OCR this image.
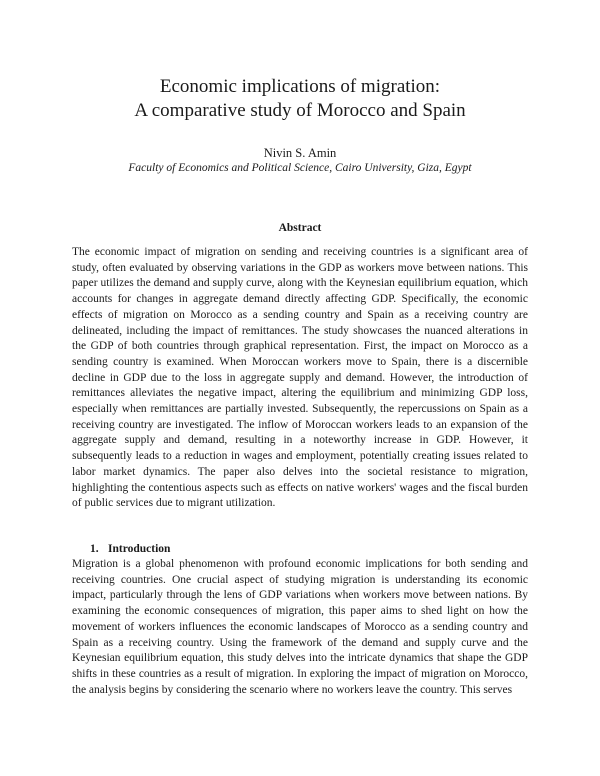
Economic implications of migration:
A comparative study of Morocco and Spain
Nivin S. Amin
Faculty of Economics and Political Science, Cairo University, Giza, Egypt
Abstract

The economic impact of migration on sending and receiving countries is a significant area of study, often evaluated by observing variations in the GDP as workers move between nations. This paper utilizes the demand and supply curve, along with the Keynesian equilibrium equation, which accounts for changes in aggregate demand directly affecting GDP. Specifically, the economic effects of migration on Morocco as a sending country and Spain as a receiving country are delineated, including the impact of remittances. The study showcases the nuanced alterations in the GDP of both countries through graphical representation. First, the impact on Morocco as a sending country is examined. When Moroccan workers move to Spain, there is a discernible decline in GDP due to the loss in aggregate supply and demand. However, the introduction of remittances alleviates the negative impact, altering the equilibrium and minimizing GDP loss, especially when remittances are partially invested. Subsequently, the repercussions on Spain as a receiving country are investigated. The inflow of Moroccan workers leads to an expansion of the aggregate supply and demand, resulting in a noteworthy increase in GDP. However, it subsequently leads to a reduction in wages and employment, potentially creating issues related to labor market dynamics. The paper also delves into the societal resistance to migration, highlighting the contentious aspects such as effects on native workers' wages and the fiscal burden of public services due to migrant utilization.

1. Introduction

Migration is a global phenomenon with profound economic implications for both sending and receiving countries. One crucial aspect of studying migration is understanding its economic impact, particularly through the lens of GDP variations when workers move between nations. By examining the economic consequences of migration, this paper aims to shed light on how the movement of workers influences the economic landscapes of Morocco as a sending country and Spain as a receiving country. Using the framework of the demand and supply curve and the Keynesian equilibrium equation, this study delves into the intricate dynamics that shape the GDP shifts in these countries as a result of migration. In exploring the impact of migration on Morocco, the analysis begins by considering the scenario where no workers leave the country. This serves
